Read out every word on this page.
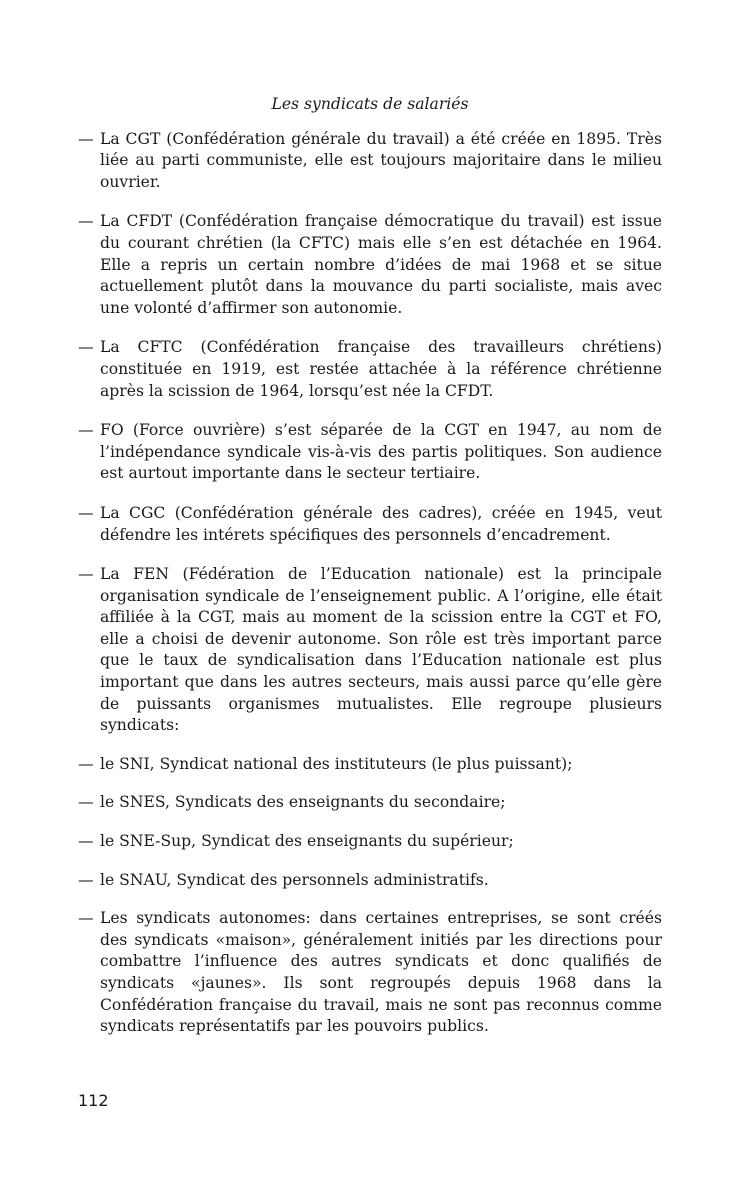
Les syndicats de salariés
— La CGT (Confédération générale du travail) a été créée en 1895. Très liée au parti communiste, elle est toujours majoritaire dans le milieu ouvrier.
— La CFDT (Confédération française démocratique du travail) est issue du courant chrétien (la CFTC) mais elle s’en est détachée en 1964. Elle a repris un certain nombre d’idées de mai 1968 et se situe actuellement plutôt dans la mouvance du parti socialiste, mais avec une volonté d’affirmer son autonomie.
— La CFTC (Confédération française des travailleurs chrétiens) constituée en 1919, est restée attachée à la référence chrétienne après la scission de 1964, lorsqu’est née la CFDT.
— FO (Force ouvrière) s’est séparée de la CGT en 1947, au nom de l’indépendance syndicale vis-à-vis des partis politiques. Son audience est aurtout importante dans le secteur tertiaire.
— La CGC (Confédération générale des cadres), créée en 1945, veut défendre les intérets spécifiques des personnels d’encadrement.
— La FEN (Fédération de l’Education nationale) est la principale organisation syndicale de l’enseignement public. A l’origine, elle était affiliée à la CGT, mais au moment de la scission entre la CGT et FO, elle a choisi de devenir autonome. Son rôle est très important parce que le taux de syndicalisation dans l’Education nationale est plus important que dans les autres secteurs, mais aussi parce qu’elle gère de puissants organismes mutualistes. Elle regroupe plusieurs syndicats:
— le SNI, Syndicat national des instituteurs (le plus puissant);
— le SNES, Syndicats des enseignants du secondaire;
— le SNE-Sup, Syndicat des enseignants du supérieur;
— le SNAU, Syndicat des personnels administratifs.
— Les syndicats autonomes: dans certaines entreprises, se sont créés des syndicats «maison», généralement initiés par les directions pour combattre l’influence des autres syndicats et donc qualifiés de syndicats «jaunes». Ils sont regroupés depuis 1968 dans la Confédération française du travail, mais ne sont pas reconnus comme syndicats représentatifs par les pouvoirs publics.
112
